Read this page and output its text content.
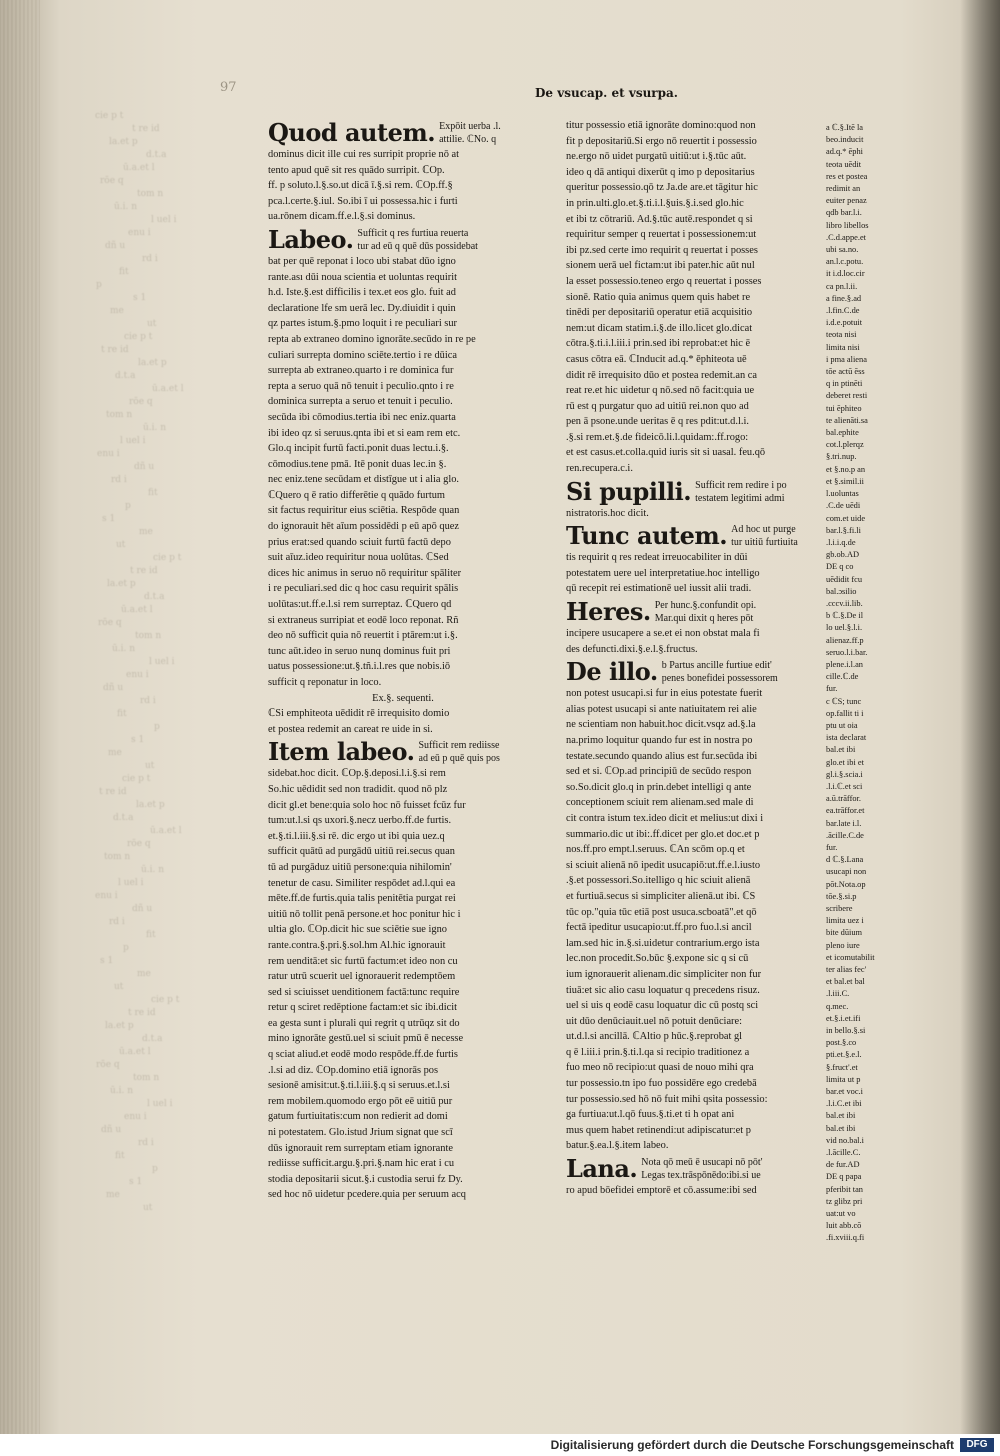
cie p t
t re id
la.et p
d.t.a
ū.a.et l
rōe q
tom n
ū.i. n
l uel i
enu i
dñ u
rd i
fit
p
s 1
me
ut
cie p t
t re id
la.et p
d.t.a
ū.a.et l
rōe q
tom n
ū.i. n
l uel i
enu i
dñ u
rd i
fit
p
s 1
me
ut
cie p t
t re id
la.et p
d.t.a
ū.a.et l
rōe q
tom n
ū.i. n
l uel i
enu i
dñ u
rd i
fit
p
s 1
me
ut
cie p t
t re id
la.et p
d.t.a
ū.a.et l
rōe q
tom n
ū.i. n
l uel i
enu i
dñ u
rd i
fit
p
s 1
me
ut
cie p t
t re id
la.et p
d.t.a
ū.a.et l
rōe q
tom n
ū.i. n
l uel i
enu i
dñ u
rd i
fit
p
s 1
me
ut
97	De vsucap. et vsurpa.
Quod autem. Expōit uerba .l.

attilie. ℂNo. q

dominus dicit ille cui res surripit proprie nō at

tento apud quē sit res quādo surripit. ℂOp.

ff. p soluto.l.§.so.ut dicā ī.§.si rem. ℂOp.ff.§

pca.l.certe.§.iul. So.ibi ī ui possessa.hic i furti

ua.rōnem dicam.ff.e.l.§.si dominus.

Labeo. Sufficit q res furtiua reuerta

tur ad eū q quē dūs possidebat

bat per quē reponat i loco ubi stabat dūo igno

rante.ası dūi noua scientia et uoluntas requirit

h.d. Iste.§.est difficilis i tex.et eos glo. fuit ad

declaratione lfe sm uerā lec. Dy.diuidit i quin

qz partes istum.§.pmo loquit i re peculiari sur

repta ab extraneo domino ignorāte.secūdo in re pe

culiari surrepta domino sciēte.tertio i re dūica

surrepta ab extraneo.quarto i re dominica fur

repta a seruo quā nō tenuit i peculio.qnto i re

dominica surrepta a seruo et tenuit i peculio.

secūda ibi cōmodius.tertia ibi nec eniz.quarta

ibi ideo qz si seruus.qnta ibi et si eam rem etc.

Glo.q incipit furtū facti.ponit duas lectu.i.§.

cōmodius.tene pmā. Itē ponit duas lec.in §.

nec eniz.tene secūdam et distīgue ut i alia glo.

ℂQuero q ē ratio differētie q quādo furtum

sit factus requiritur eius sciētia. Respōde quan

do ignorauit hēt aīum possidēdi p eū apō quez

prius erat:sed quando sciuit furtū factū depo

suit aīuz.ideo requiritur noua uolūtas. ℂSed

dices hic animus in seruo nō requiritur spāliter

i re peculiari.sed dic q hoc casu requirit spālis

uolūtas:ut.ff.e.l.si rem surreptaz. ℂQuero qd

si extraneus surripiat et eodē loco reponat. Rñ

deo nō sufficit quia nō reuertit i ptārem:ut i.§.

tunc aūt.ideo in seruo nunq dominus fuit pri

uatus possessione:ut.§.tñ.i.l.res que nobis.iō

sufficit q reponatur in loco.

Ex.§. sequenti.

ℂSi emphiteota uēdidit rē irrequisito domio

et postea redemit an careat re uide in si.

Item labeo. Sufficit rem rediisse

ad eū p quē quis pos

sidebat.hoc dicit. ℂOp.§.deposi.l.i.§.si rem

So.hic uēdidit sed non tradidit. quod nō plz

dicit gl.et bene:quia solo hoc nō fuisset fcūz fur

tum:ut.l.si qs uxori.§.necz uerbo.ff.de furtis.

et.§.ti.l.iii.§.si rē. dic ergo ut ibi quia uez.q

sufficit quātū ad purgādū uitiū rei.secus quan

tū ad purgāduz uitiū persone:quia nihilomin'

tenetur de casu. Similiter respōdet ad.l.qui ea

mēte.ff.de furtis.quia talis penitētia purgat rei

uitiū nō tollit penā persone.et hoc ponitur hic i

ultia glo. ℂOp.dicit hic sue sciētie sue igno

rante.contra.§.pri.§.sol.hm Al.hic ignorauit

rem uenditā:et sic furtū factum:et ideo non cu

ratur utrū scuerit uel ignorauerit redemptōem

sed si sciuisset uenditionem factā:tunc require

retur q sciret redēptione factam:et sic ibi.dicit

ea gesta sunt i plurali qui regrit q utrūqz sit do

mino ignorāte gestū.uel si sciuit pmū ē necesse

q sciat aliud.et eodē modo respōde.ff.de furtis

.l.si ad diz. ℂOp.domino etiā ignorās pos

sesionē amisit:ut.§.ti.l.iii.§.q si seruus.et.l.si

rem mobilem.quomodo ergo pōt eē uitiū pur

gatum furtiuitatis:cum non redierit ad domi

ni potestatem. Glo.istud Jrium signat que scī

dūs ignorauit rem surreptam etiam ignorante

rediisse sufficit.argu.§.pri.§.nam hic erat i cu

stodia depositarii sicut.§.i custodia serui fz Dy.

sed hoc nō uidetur pcedere.quia per seruum acq

titur possessio etiā ignorāte domino:quod non

fit p depositariū.Si ergo nō reuertit i possessio

ne.ergo nō uidet purgatū uitiū:ut i.§.tūc aūt.

ideo q dā antiqui dixerūt q imo p depositarius

queritur possessio.qō tz Ja.de are.et tāgitur hic

in prin.ulti.glo.et.§.ti.i.l.§uis.§.i.sed glo.hic

et ibi tz cōtrariū. Ad.§.tūc autē.respondet q si

requiritur semper q reuertat i possessionem:ut

ibi pz.sed certe imo requirit q reuertat i posses

sionem uerā uel fictam:ut ibi pater.hic aūt nul

la esset possessio.teneo ergo q reuertat i posses

sionē. Ratio quia animus quem quis habet re

tinēdi per depositariū operatur etiā acquisitio

nem:ut dicam statim.i.§.de illo.licet glo.dicat

cōtra.§.ti.i.l.iii.i prin.sed ibi reprobat:et hic ē

casus cōtra eā. ℂInducit ad.q.* ēphiteota uē

didit rē irrequisito dūo et postea redemit.an ca

reat re.et hic uidetur q nō.sed nō facit:quia ue

rū est q purgatur quo ad uitiū rei.non quo ad

pen ā psone.unde ueritas ē q res pdit:ut.d.l.i.

.§.si rem.et.§.de fideicō.li.l.quidam:.ff.rogo:

et est casus.et.colla.quid iuris sit si uasal. feu.qō

ren.recupera.c.i.

Si pupilli. Sufficit rem redire i po

testatem legitimi admi

nistratoris.hoc dicit.

Tunc autem. Ad hoc ut purge

tur uitiū furtiuita

tis requirit q res redeat irreuocabiliter in dūi

potestatem uere uel interpretatiue.hoc intelligo

qū recepit rei estimationē uel iussit alii tradi.

Heres. Per hunc.§.confundit opi.

Mar.qui dixit q heres pōt

incipere usucapere a se.et ei non obstat mala fi

des defuncti.dixi.§.e.l.§.fructus.

De illo. b Partus ancille furtiue edit'

penes bonefidei possessorem

non potest usucapi.si fur in eius potestate fuerit

alias potest usucapi si ante natiuitatem rei alie

ne scientiam non habuit.hoc dicit.vsqz ad.§.la

na.primo loquitur quando fur est in nostra po

testate.secundo quando alius est fur.secūda ibi

sed et si. ℂOp.ad principiū de secūdo respon

so.So.dicit glo.q in prin.debet intelligi q ante

conceptionem sciuit rem alienam.sed male di

cit contra istum tex.ideo dicit et melius:ut dixi i

summario.dic ut ibi:.ff.dicet per glo.et doc.et p

nos.ff.pro empt.l.seruus. ℂAn scōm op.q et

si sciuit alienā nō ipedit usucapiō:ut.ff.e.l.iusto

.§.et possessori.So.itelligo q hic sciuit alienā

et furtiuā.secus si simpliciter alienā.ut ibi. ℂS

tūc op."quia tūc etiā post usuca.scboatā".et qō

fectā ipeditur usucapio:ut.ff.pro fuo.l.si ancil

lam.sed hic in.§.si.uidetur contrarium.ergo ista

lec.non procedit.So.būc §.expone sic q si cū

ium ignorauerit alienam.dic simpliciter non fur

tiuā:et sic alio casu loquatur q precedens risuz.

uel si uis q eodē casu loquatur dic cū postq sci

uit dūo denūciauit.uel nō potuit denūciare:

ut.d.l.si ancillā. ℂAltio p hūc.§.reprobat gl

q ē l.iii.i prin.§.ti.l.qa si recipio traditionez a

fuo meo nō recipio:ut quasi de nouo mihi qra

tur possessio.tn ipo fuo possidēre ego credebā

tur possessio.sed hō nō fuit mihi qsita possessio:

ga furtiua:ut.l.qō fuus.§.ti.et ti h opat ani

mus quem habet retinendi:ut adipiscatur:et p

batur.§.ea.l.§.item labeo.

Lana. Nota qō meū ē usucapi nō pōt'

Legas tex.trāspōnēdo:ibi.si ue

ro apud bōefidei emptorē et cō.assume:ibi sed

a ℂ.§.Itē la

beo.inducit

ad.q.* ēphi

teota uēdit

res et postea

redimit an

euiter penaz

qdb bar.l.i.

libro libellos

.C.d.appe.et

ubi sa.no.

an.l.c.potu.

it i.d.loc.cir

ca pn.l.ii.

a fine.§.ad

.l.fin.C.de

i.d.e.potuit

teota nisi

limita nisi

i pma aliena

tōe actū ēss

q in ptinēti

deberet resti

tui ēphiteo

te alienāti.sa

bal.ephite

cot.l.plerqz

§.tri.nup.

et §.no.p an

et §.simil.ii

l.uoluntas

.C.de uēdi

com.et uide

bar.l.§.fi.li

.l.i.i.q.de

gb.ob.AD

DE q co

uēdidit fcu

bal.ɔsilio

.cccv.ii.lib.

b ℂ.§.De il

lo uel.§.l.i.

alienaz.ff.p

seruo.l.i.bar.

plene.i.l.an

cille.ℂ.de

fur.

c ℂS; tunc

op.fallit ti i

ptu ut oia

ista declarat

bal.et ibi

glo.et ibi et

gl.i.§.scia.i

.l.i.ℂ.et sci

a.ū.trāffor.

ea.trāffor.et

bar.late i.l.

.ācille.C.de

fur.

d ℂ.§.Lana

usucapi non

pōt.Nota.op

tōe.§.si.p

scribere

limita uez i

bite dūium

pleno iure

et icomutabilit

ter alias fec'

et bal.et bal

.l.iii.C.

q.mec.

et.§.i.et.ifi

in bello.§.si

post.§.co

pti.et.§.e.l.

§.fruct'.et

limita ut p

bar.et voc.i

.l.i.C.et ibi

bal.et ibi

bal.et ibi

vid no.bal.i

.l.ācille.C.

de fur.AD

DE q papa

pferibit tan

tz glibz pri

uat:ut vo

luit abb.cō

.fi.xviii.q.fi

Digitalisierung gefördert durch die Deutsche Forschungsgemeinschaft	DFG
